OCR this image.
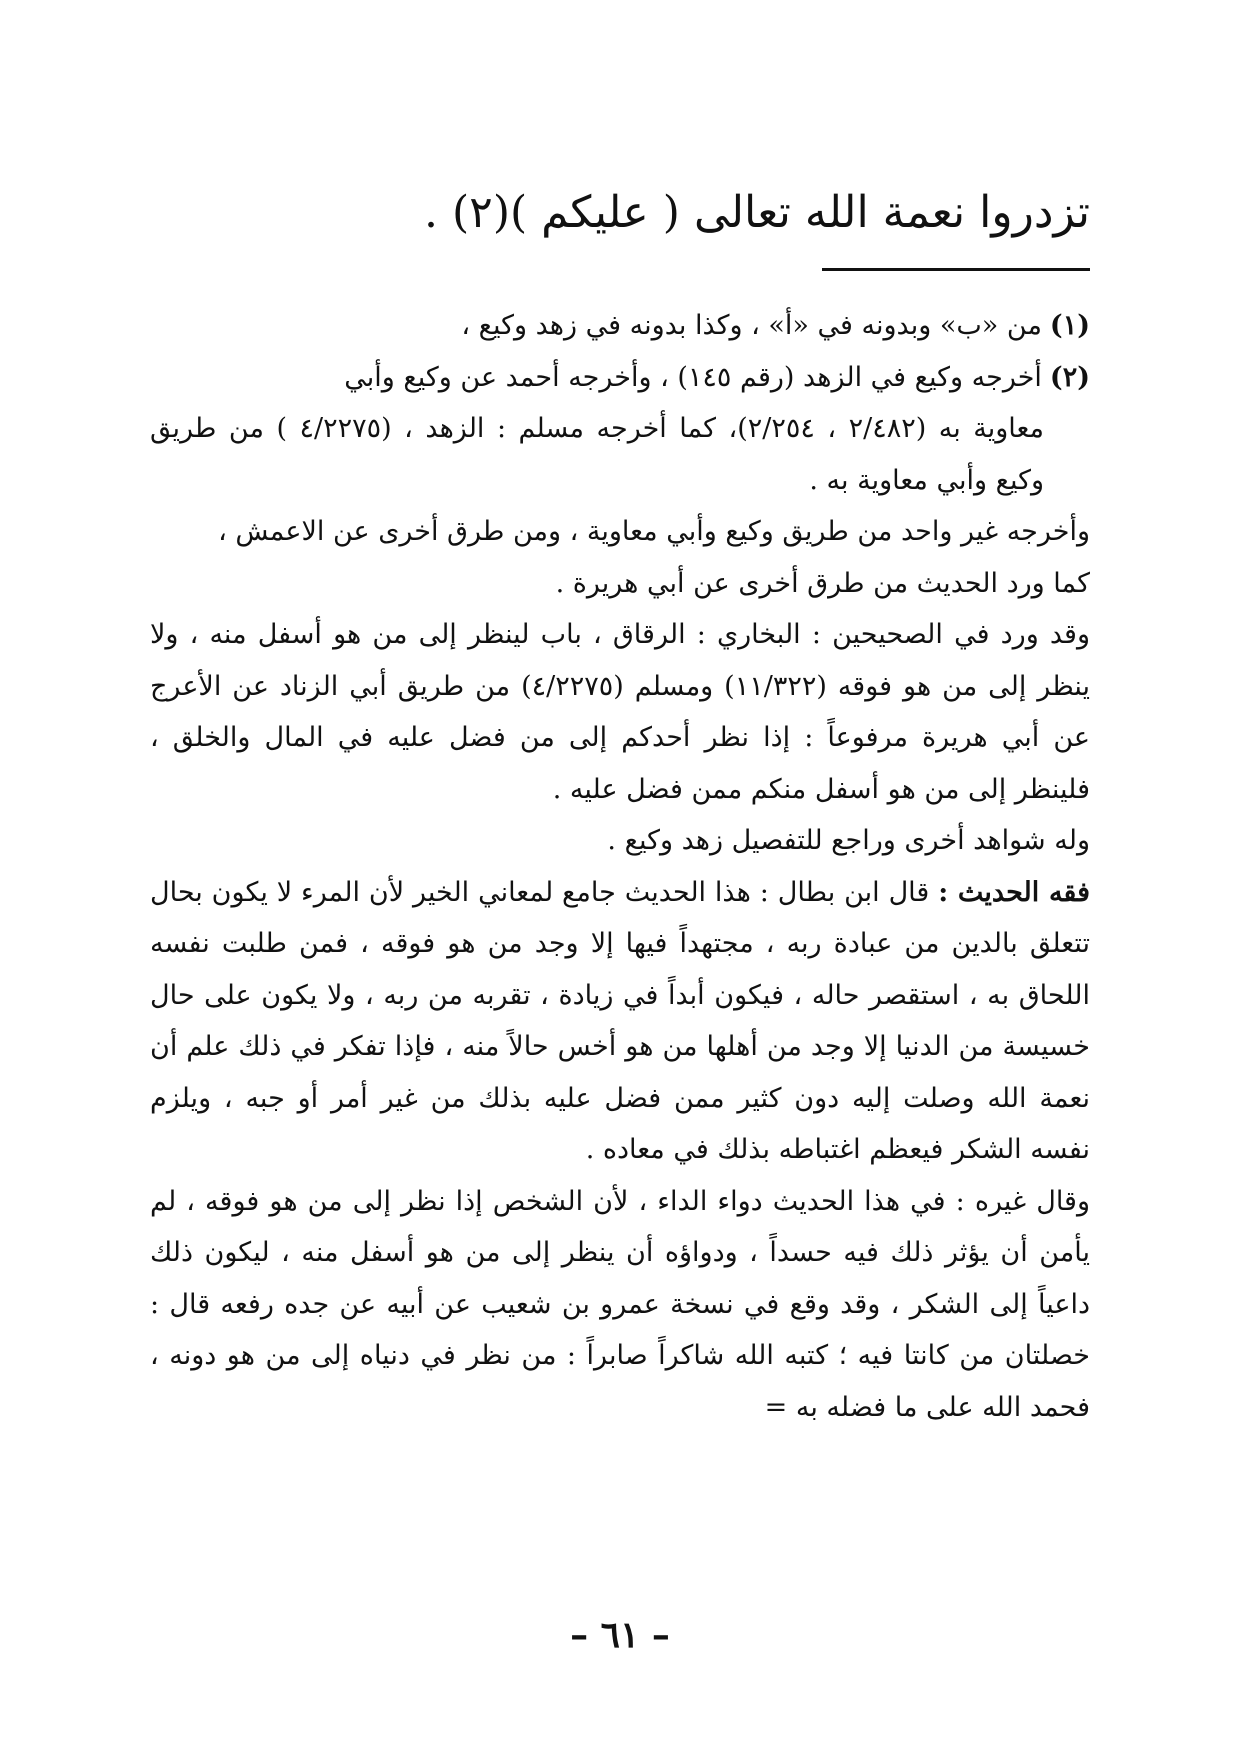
تزدروا نعمة الله تعالى ( عليكم )(٢) .

(١)من «ب» وبدونه في «أ» ، وكذا بدونه في زهد وكيع ،

(٢)أخرجه وكيع في الزهد (رقم ١٤٥) ، وأخرجه أحمد عن وكيع وأبي

معاوية به (٢/٤٨٢ ، ٢/٢٥٤)، كما أخرجه مسلم : الزهد ، (٤/٢٢٧٥ ) من طريق وكيع وأبي معاوية به .

وأخرجه غير واحد من طريق وكيع وأبي معاوية ، ومن طرق أخرى عن الاعمش ،

كما ورد الحديث من طرق أخرى عن أبي هريرة .

وقد ورد في الصحيحين : البخاري : الرقاق ، باب لينظر إلى من هو أسفل منه ، ولا ينظر إلى من هو فوقه (١١/٣٢٢) ومسلم (٤/٢٢٧٥) من طريق أبي الزناد عن الأعرج عن أبي هريرة مرفوعاً : إذا نظر أحدكم إلى من فضل عليه في المال والخلق ، فلينظر إلى من هو أسفل منكم ممن فضل عليه .

وله شواهد أخرى وراجع للتفصيل زهد وكيع .

فقه الحديث : قال ابن بطال : هذا الحديث جامع لمعاني الخير لأن المرء لا يكون بحال تتعلق بالدين من عبادة ربه ، مجتهداً فيها إلا وجد من هو فوقه ، فمن طلبت نفسه اللحاق به ، استقصر حاله ، فيكون أبداً في زيادة ، تقربه من ربه ، ولا يكون على حال خسيسة من الدنيا إلا وجد من أهلها من هو أخس حالاً منه ، فإذا تفكر في ذلك علم أن نعمة الله وصلت إليه دون كثير ممن فضل عليه بذلك من غير أمر أو جبه ، ويلزم نفسه الشكر فيعظم اغتباطه بذلك في معاده .

وقال غيره : في هذا الحديث دواء الداء ، لأن الشخص إذا نظر إلى من هو فوقه ، لم يأمن أن يؤثر ذلك فيه حسداً ، ودواؤه أن ينظر إلى من هو أسفل منه ، ليكون ذلك داعياً إلى الشكر ، وقد وقع في نسخة عمرو بن شعيب عن أبيه عن جده رفعه قال : خصلتان من كانتا فيه ؛ كتبه الله شاكراً صابراً : من نظر في دنياه إلى من هو دونه ، فحمد الله على ما فضله به =

– ٦١ –
